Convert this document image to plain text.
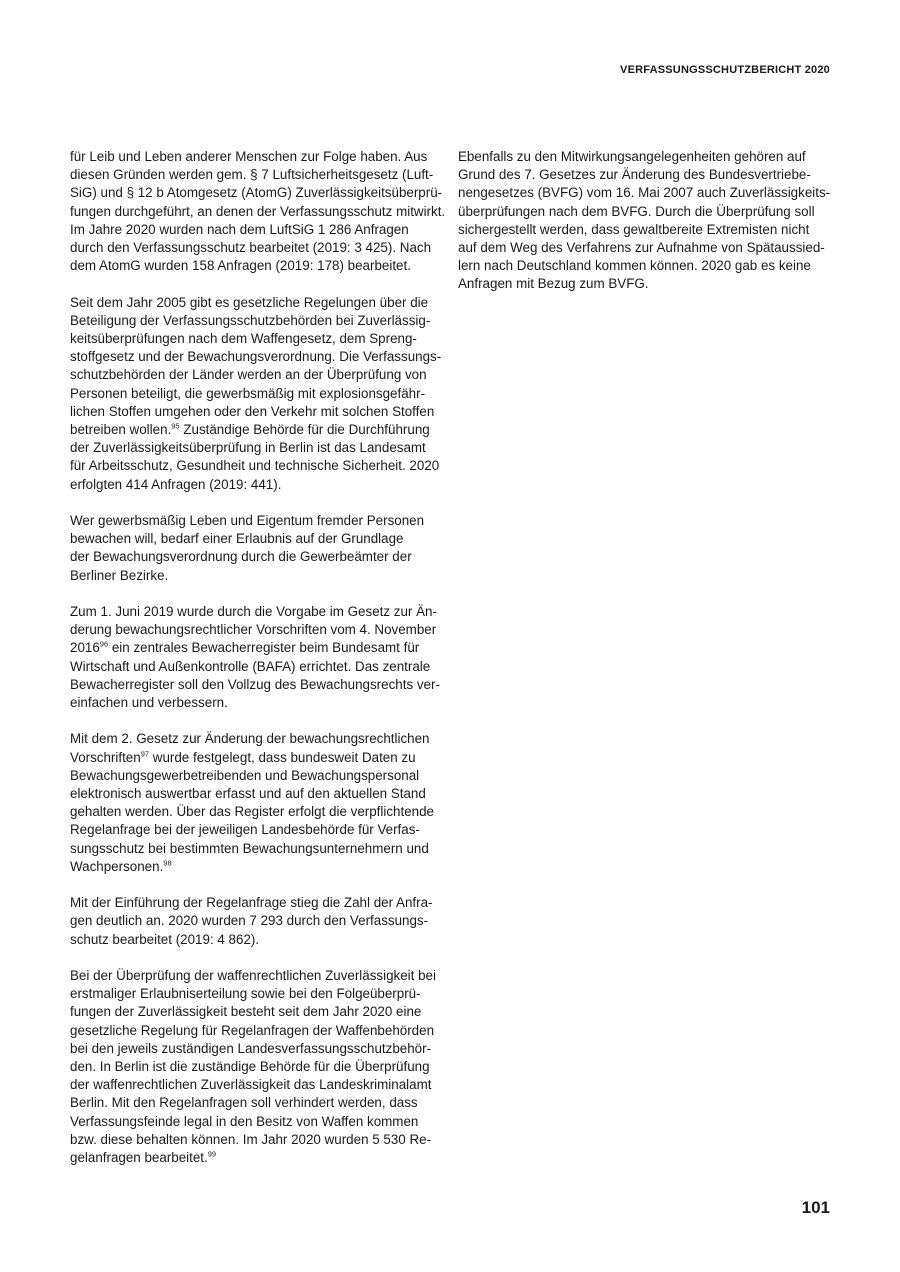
VERFASSUNGSSCHUTZBERICHT 2020

für Leib und Leben anderer Menschen zur Folge haben. Aus
diesen Gründen werden gem. § 7 Luftsicherheitsgesetz (Luft-
SiG) und § 12 b Atomgesetz (AtomG) Zuverlässigkeitsüberprü-
fungen durchgeführt, an denen der Verfassungsschutz mitwirkt.
Im Jahre 2020 wurden nach dem LuftSiG 1 286 Anfragen
durch den Verfassungsschutz bearbeitet (2019: 3 425). Nach
dem AtomG wurden 158 Anfragen (2019: 178) bearbeitet.

Seit dem Jahr 2005 gibt es gesetzliche Regelungen über die
Beteiligung der Verfassungsschutzbehörden bei Zuverlässig-
keitsüberprüfungen nach dem Waffengesetz, dem Spreng-
stoffgesetz und der Bewachungsverordnung. Die Verfassungs-
schutzbehörden der Länder werden an der Überprüfung von
Personen beteiligt, die gewerbsmäßig mit explosionsgefähr-
lichen Stoffen umgehen oder den Verkehr mit solchen Stoffen
betreiben wollen.$^{95}$ Zuständige Behörde für die Durchführung
der Zuverlässigkeitsüberprüfung in Berlin ist das Landesamt
für Arbeitsschutz, Gesundheit und technische Sicherheit. 2020
erfolgten 414 Anfragen (2019: 441).

Wer gewerbsmäßig Leben und Eigentum fremder Personen
bewachen will, bedarf einer Erlaubnis auf der Grundlage
der Bewachungsverordnung durch die Gewerbeämter der
Berliner Bezirke.

Zum 1. Juni 2019 wurde durch die Vorgabe im Gesetz zur Än-
derung bewachungsrechtlicher Vorschriften vom 4. November
2016$^{96}$ ein zentrales Bewacherregister beim Bundesamt für
Wirtschaft und Außenkontrolle (BAFA) errichtet. Das zentrale
Bewacherregister soll den Vollzug des Bewachungsrechts ver-
einfachen und verbessern.

Mit dem 2. Gesetz zur Änderung der bewachungsrechtlichen
Vorschriften$^{97}$ wurde festgelegt, dass bundesweit Daten zu
Bewachungsgewerbetreibenden und Bewachungspersonal
elektronisch auswertbar erfasst und auf den aktuellen Stand
gehalten werden. Über das Register erfolgt die verpflichtende
Regelanfrage bei der jeweiligen Landesbehörde für Verfas-
sungsschutz bei bestimmten Bewachungsunternehmern und
Wachpersonen.$^{98}$

Mit der Einführung der Regelanfrage stieg die Zahl der Anfra-
gen deutlich an. 2020 wurden 7 293 durch den Verfassungs-
schutz bearbeitet (2019: 4 862).

Bei der Überprüfung der waffenrechtlichen Zuverlässigkeit bei
erstmaliger Erlaubniserteilung sowie bei den Folgeüberprü-
fungen der Zuverlässigkeit besteht seit dem Jahr 2020 eine
gesetzliche Regelung für Regelanfragen der Waffenbehörden
bei den jeweils zuständigen Landesverfassungsschutzbehör-
den. In Berlin ist die zuständige Behörde für die Überprüfung
der waffenrechtlichen Zuverlässigkeit das Landeskriminalamt
Berlin. Mit den Regelanfragen soll verhindert werden, dass
Verfassungsfeinde legal in den Besitz von Waffen kommen
bzw. diese behalten können. Im Jahr 2020 wurden 5 530 Re-
gelanfragen bearbeitet.$^{99}$

Ebenfalls zu den Mitwirkungsangelegenheiten gehören auf
Grund des 7. Gesetzes zur Änderung des Bundesvertriebe-
nengesetzes (BVFG) vom 16. Mai 2007 auch Zuverlässigkeits-
überprüfungen nach dem BVFG. Durch die Überprüfung soll
sichergestellt werden, dass gewaltbereite Extremisten nicht
auf dem Weg des Verfahrens zur Aufnahme von Spätaussied-
lern nach Deutschland kommen können. 2020 gab es keine
Anfragen mit Bezug zum BVFG.

101
